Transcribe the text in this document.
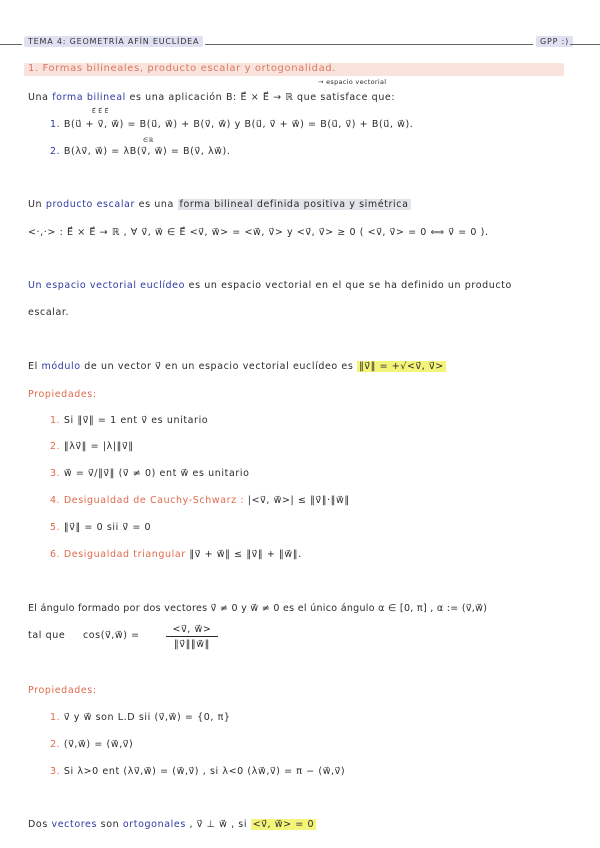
TEMA 4: GEOMETRÍA AFÍN EUCLÍDEA	GPP :)
1. Formas bilineales, producto escalar y ortogonalidad.
→ espacio vectorial
Una forma bilineal es una aplicación B: E⃗ × E⃗ → ℝ que satisface que:
E⃗ E⃗ E⃗
1. B(u⃗ + v⃗, w⃗) = B(u⃗, w⃗) + B(v⃗, w⃗) y B(u⃗, v⃗ + w⃗) = B(u⃗, v⃗) + B(u⃗, w⃗).
∈ℝ
2. B(λv⃗, w⃗) = λB(v⃗, w⃗) = B(v⃗, λw⃗).
Un producto escalar es una forma bilineal definida positiva y simétrica
<·,·> : E⃗ × E⃗ → ℝ , ∀ v⃗, w⃗ ∈ E⃗ <v⃗, w⃗> = <w⃗, v⃗> y <v⃗, v⃗> ≥ 0 ( <v⃗, v⃗> = 0 ⟺ v⃗ = 0 ).
Un espacio vectorial euclídeo es un espacio vectorial en el que se ha definido un producto
escalar.
El módulo de un vector v⃗ en un espacio vectorial euclídeo es ‖v⃗‖ = +√<v⃗, v⃗>
Propiedades:
1. Si ‖v⃗‖ = 1 ent v⃗ es unitario
2. ‖λv⃗‖ = |λ|‖v⃗‖
3. w⃗ = v⃗/‖v⃗‖ (v⃗ ≠ 0) ent w⃗ es unitario
4. Desigualdad de Cauchy-Schwarz : |<v⃗, w⃗>| ≤ ‖v⃗‖·‖w⃗‖
5. ‖v⃗‖ = 0 sii v⃗ = 0
6. Desigualdad triangular ‖v⃗ + w⃗‖ ≤ ‖v⃗‖ + ‖w⃗‖.
El ángulo formado por dos vectores v⃗ ≠ 0 y w⃗ ≠ 0 es el único ángulo α ∈ [0, π] , α := (v⃗,w⃗)
tal que cos(v⃗,w⃗) =	$\frac{<v⃗, w⃗>}{‖v⃗‖‖w⃗‖}$
Propiedades:
1. v⃗ y w⃗ son L.D sii (v⃗,w⃗) = {0, π}
2. (v⃗,w⃗) = (w⃗,v⃗)
3. Si λ>0 ent (λv⃗,w⃗) = (w⃗,v⃗) , si λ<0 (λw⃗,v⃗) = π − (w⃗,v⃗)
Dos vectores son ortogonales , v⃗ ⊥ w⃗ , si <v⃗, w⃗> = 0
